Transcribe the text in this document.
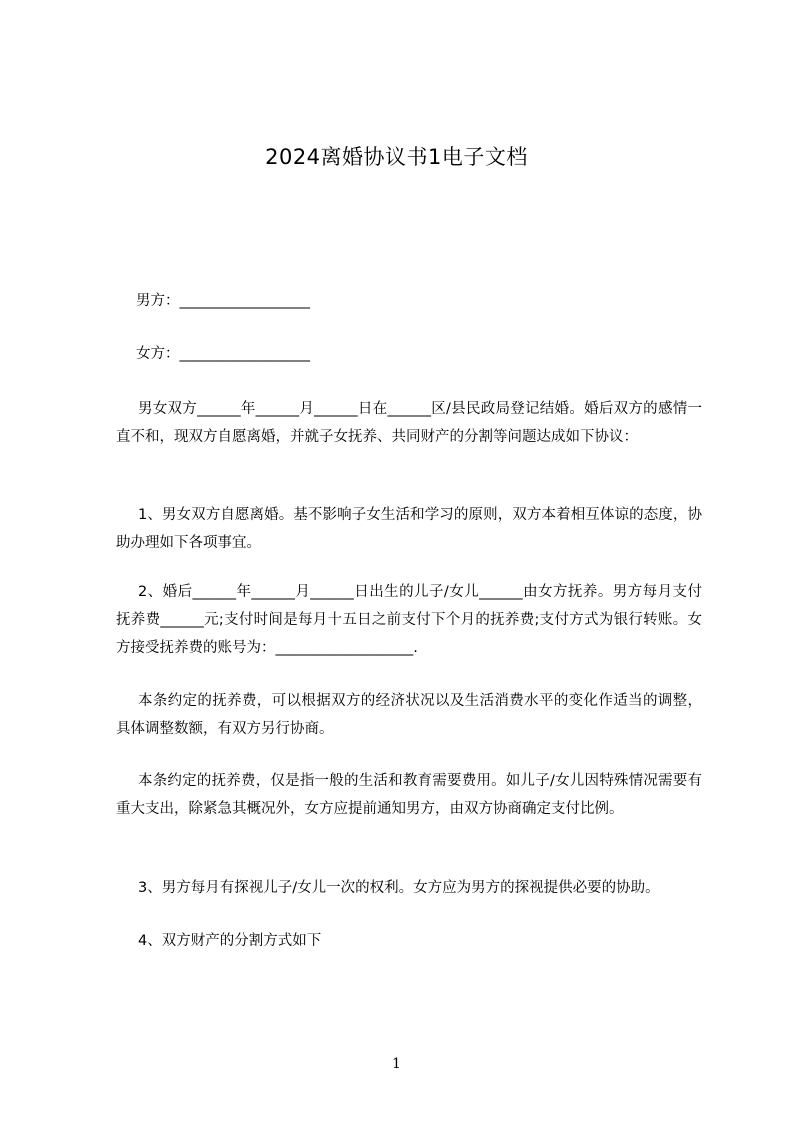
2024离婚协议书1电子文档
男方：__________________
女方：__________________

男女双方______年______月______日在______区/县民政局登记结婚。婚后双方的感情一直不和，现双方自愿离婚，并就子女抚养、共同财产的分割等问题达成如下协议：

1、男女双方自愿离婚。基不影响子女生活和学习的原则，双方本着相互体谅的态度，协助办理如下各项事宜。

2、婚后______年______月______日出生的儿子/女儿______由女方抚养。男方每月支付抚养费______元;支付时间是每月十五日之前支付下个月的抚养费;支付方式为银行转账。女方接受抚养费的账号为：___________________.

本条约定的抚养费，可以根据双方的经济状况以及生活消费水平的变化作适当的调整，具体调整数额，有双方另行协商。

本条约定的抚养费，仅是指一般的生活和教育需要费用。如儿子/女儿因特殊情况需要有重大支出，除紧急其概况外，女方应提前通知男方，由双方协商确定支付比例。

3、男方每月有探视儿子/女儿一次的权利。女方应为男方的探视提供必要的协助。

4、双方财产的分割方式如下

1
